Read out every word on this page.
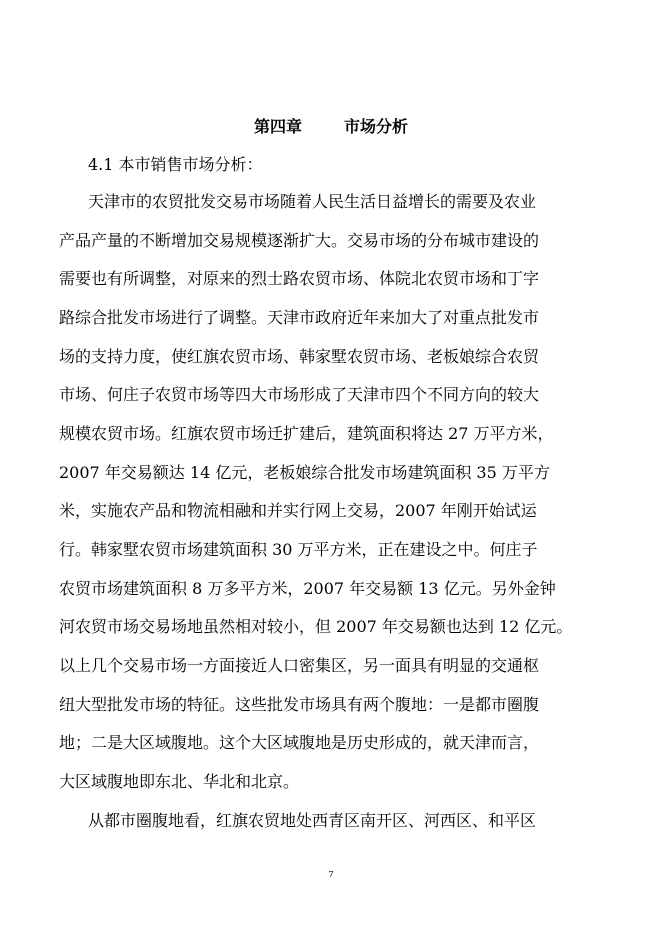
第四章	市场分析
4.1 本市销售市场分析：
天津市的农贸批发交易市场随着人民生活日益增长的需要及农业
产品产量的不断增加交易规模逐渐扩大。交易市场的分布城市建设的
需要也有所调整，对原来的烈士路农贸市场、体院北农贸市场和丁字
路综合批发市场进行了调整。天津市政府近年来加大了对重点批发市
场的支持力度，使红旗农贸市场、韩家墅农贸市场、老板娘综合农贸
市场、何庄子农贸市场等四大市场形成了天津市四个不同方向的较大
规模农贸市场。红旗农贸市场迁扩建后，建筑面积将达 27 万平方米，
2007 年交易额达 14 亿元，老板娘综合批发市场建筑面积 35 万平方
米，实施农产品和物流相融和并实行网上交易，2007 年刚开始试运
行。韩家墅农贸市场建筑面积 30 万平方米，正在建设之中。何庄子
农贸市场建筑面积 8 万多平方米，2007 年交易额 13 亿元。另外金钟
河农贸市场交易场地虽然相对较小，但 2007 年交易额也达到 12 亿元。
以上几个交易市场一方面接近人口密集区，另一面具有明显的交通枢
纽大型批发市场的特征。这些批发市场具有两个腹地：一是都市圈腹
地；二是大区域腹地。这个大区域腹地是历史形成的，就天津而言，
大区域腹地即东北、华北和北京。
从都市圈腹地看，红旗农贸地处西青区南开区、河西区、和平区
7
